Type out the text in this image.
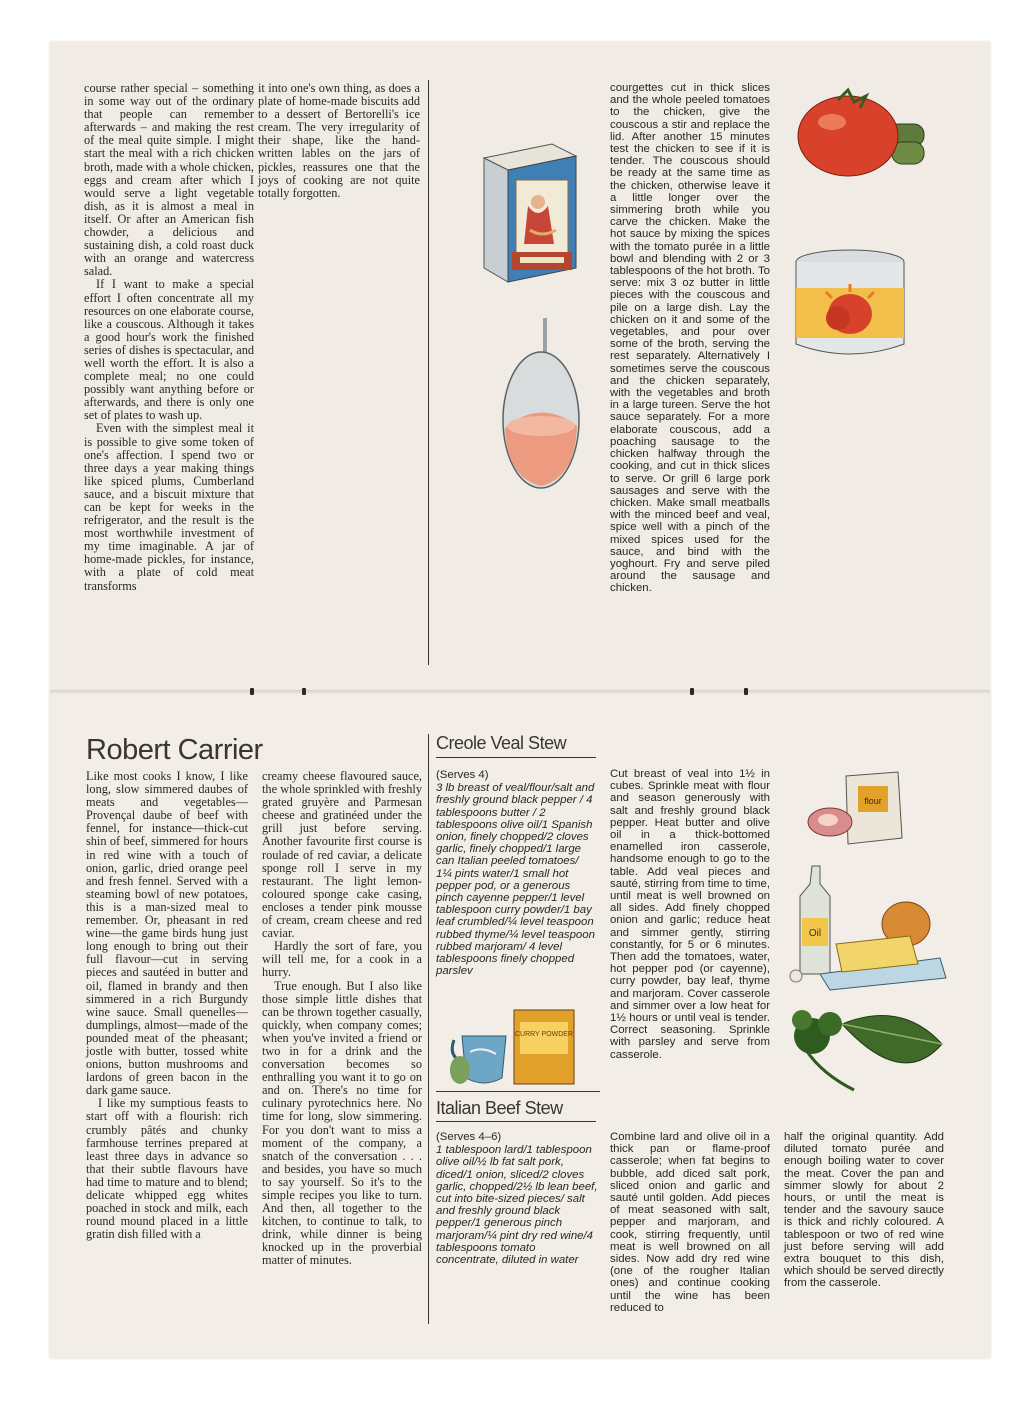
course rather special – something in some way out of the ordinary that people can remember afterwards – and making the rest of the meal quite simple. I might start the meal with a rich chicken broth, made with a whole chicken, eggs and cream after which I would serve a light vegetable dish, as it is almost a meal in itself. Or after an American fish chowder, a delicious and sustaining dish, a cold roast duck with an orange and watercress salad.

If I want to make a special effort I often concentrate all my resources on one elaborate course, like a couscous. Although it takes a good hour's work the finished series of dishes is spectacular, and well worth the effort. It is also a complete meal; no one could possibly want anything before or afterwards, and there is only one set of plates to wash up.

Even with the simplest meal it is possible to give some token of one's affection. I spend two or three days a year making things like spiced plums, Cumberland sauce, and a biscuit mixture that can be kept for weeks in the refrigerator, and the result is the most worthwhile investment of my time imaginable. A jar of home-made pickles, for instance, with a plate of cold meat transforms

it into one's own thing, as does a plate of home-made biscuits add to a dessert of Bertorelli's ice cream. The very irregularity of their shape, like the hand-written lables on the jars of pickles, reassures one that the joys of cooking are not quite totally forgotten.

courgettes cut in thick slices and the whole peeled tomatoes to the chicken, give the couscous a stir and replace the lid. After another 15 minutes test the chicken to see if it is tender. The couscous should be ready at the same time as the chicken, otherwise leave it a little longer over the simmering broth while you carve the chicken. Make the hot sauce by mixing the spices with the tomato purée in a little bowl and blending with 2 or 3 tablespoons of the hot broth. To serve: mix 3 oz butter in little pieces with the couscous and pile on a large dish. Lay the chicken on it and some of the vegetables, and pour over some of the broth, serving the rest separately. Alternatively I sometimes serve the couscous and the chicken separately, with the vegetables and broth in a large tureen. Serve the hot sauce separately. For a more elaborate couscous, add a poaching sausage to the chicken halfway through the cooking, and cut in thick slices to serve. Or grill 6 large pork sausages and serve with the chicken. Make small meatballs with the minced beef and veal, spice well with a pinch of the mixed spices used for the sauce, and bind with the yoghourt. Fry and serve piled around the sausage and chicken.
Robert Carrier

Like most cooks I know, I like long, slow simmered daubes of meats and vegetables—Provençal daube of beef with fennel, for instance—thick-cut shin of beef, simmered for hours in red wine with a touch of onion, garlic, dried orange peel and fresh fennel. Served with a steaming bowl of new potatoes, this is a man-sized meal to remember. Or, pheasant in red wine—the game birds hung just long enough to bring out their full flavour—cut in serving pieces and sautéed in butter and oil, flamed in brandy and then simmered in a rich Burgundy wine sauce. Small quenelles—dumplings, almost—made of the pounded meat of the pheasant; jostle with butter, tossed white onions, button mushrooms and lardons of green bacon in the dark game sauce.

I like my sumptious feasts to start off with a flourish: rich crumbly pâtés and chunky farmhouse terrines prepared at least three days in advance so that their subtle flavours have had time to mature and to blend; delicate whipped egg whites poached in stock and milk, each round mound placed in a little gratin dish filled with a

creamy cheese flavoured sauce, the whole sprinkled with freshly grated gruyère and Parmesan cheese and gratinéed under the grill just before serving. Another favourite first course is roulade of red caviar, a delicate sponge roll I serve in my restaurant. The light lemon-coloured sponge cake casing, encloses a tender pink mousse of cream, cream cheese and red caviar.

Hardly the sort of fare, you will tell me, for a cook in a hurry.

True enough. But I also like those simple little dishes that can be thrown together casually, quickly, when company comes; when you've invited a friend or two in for a drink and the conversation becomes so enthralling you want it to go on and on. There's no time for culinary pyrotechnics here. No time for long, slow simmering. For you don't want to miss a moment of the company, a snatch of the conversation . . . and besides, you have so much to say yourself. So it's to the simple recipes you like to turn. And then, all together to the kitchen, to continue to talk, to drink, while dinner is being knocked up in the proverbial matter of minutes.

Creole Veal Stew
(Serves 4)
3 lb breast of veal/flour/salt and freshly ground black pepper / 4 tablespoons butter / 2 tablespoons olive oil/1 Spanish onion, finely chopped/2 cloves garlic, finely chopped/1 large can Italian peeled tomatoes/ 1¼ pints water/1 small hot pepper pod, or a generous pinch cayenne pepper/1 level tablespoon curry powder/1 bay leaf crumbled/¼ level teaspoon rubbed thyme/¼ level teaspoon rubbed marjoram/ 4 level tablespoons finely chopped parslev
Cut breast of veal into 1½ in cubes. Sprinkle meat with flour and season generously with salt and freshly ground black pepper. Heat butter and olive oil in a thick-bottomed enamelled iron casserole, handsome enough to go to the table. Add veal pieces and sauté, stirring from time to time, until meat is well browned on all sides. Add finely chopped onion and garlic; reduce heat and simmer gently, stirring constantly, for 5 or 6 minutes. Then add the tomatoes, water, hot pepper pod (or cayenne), curry powder, bay leaf, thyme and marjoram. Cover casserole and simmer over a low heat for 1½ hours or until veal is tender. Correct seasoning. Sprinkle with parsley and serve from casserole.
CURRY POWDER
flour
Oil
Italian Beef Stew
(Serves 4–6)
1 tablespoon lard/1 tablespoon olive oil/½ lb fat salt pork, diced/1 onion, sliced/2 cloves garlic, chopped/2½ lb lean beef, cut into bite-sized pieces/ salt and freshly ground black pepper/1 generous pinch marjoram/¼ pint dry red wine/4 tablespoons tomato concentrate, diluted in water
Combine lard and olive oil in a thick pan or flame-proof casserole; when fat begins to bubble, add diced salt pork, sliced onion and garlic and sauté until golden. Add pieces of meat seasoned with salt, pepper and marjoram, and cook, stirring frequently, until meat is well browned on all sides. Now add dry red wine (one of the rougher Italian ones) and continue cooking until the wine has been reduced to
half the original quantity. Add diluted tomato purée and enough boiling water to cover the meat. Cover the pan and simmer slowly for about 2 hours, or until the meat is tender and the savoury sauce is thick and richly coloured. A tablespoon or two of red wine just before serving will add extra bouquet to this dish, which should be served directly from the casserole.
